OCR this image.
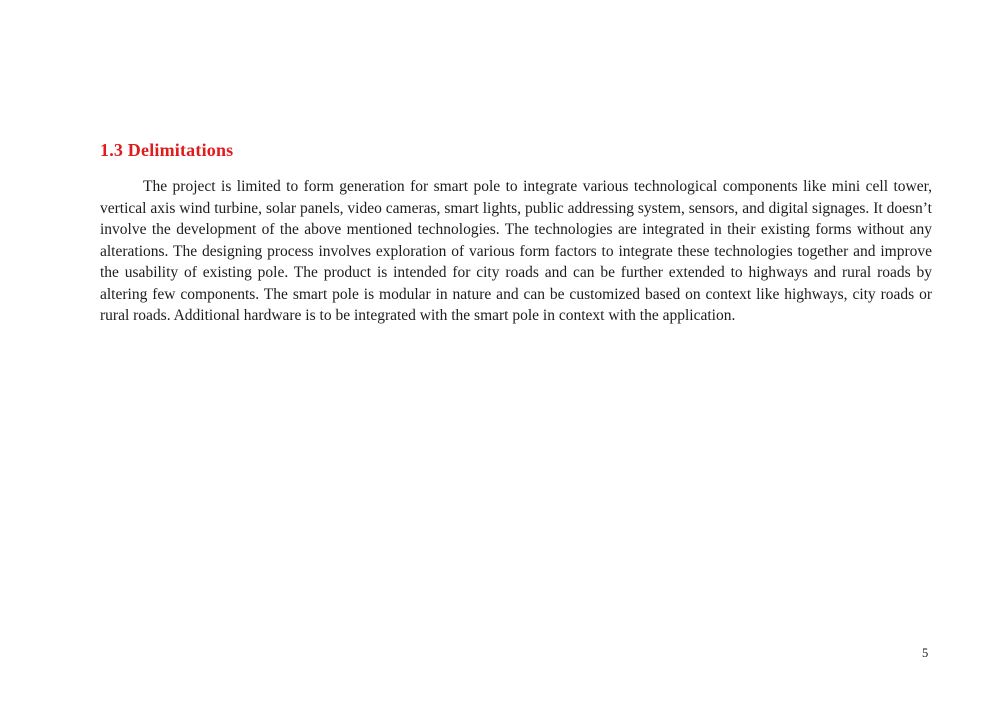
1.3 Delimitations

The project is limited to form generation for smart pole to integrate various technological components like mini cell tower, vertical axis wind turbine, solar panels, video cameras, smart lights, public addressing system, sensors, and digital signages. It doesn’t involve the development of the above mentioned technologies. The technologies are integrated in their existing forms without any alterations. The designing process involves exploration of various form factors to integrate these technologies together and improve the usability of existing pole. The product is intended for city roads and can be further extended to highways and rural roads by altering few components. The smart pole is modular in nature and can be customized based on context like highways, city roads or rural roads. Additional hardware is to be integrated with the smart pole in context with the application.

5
